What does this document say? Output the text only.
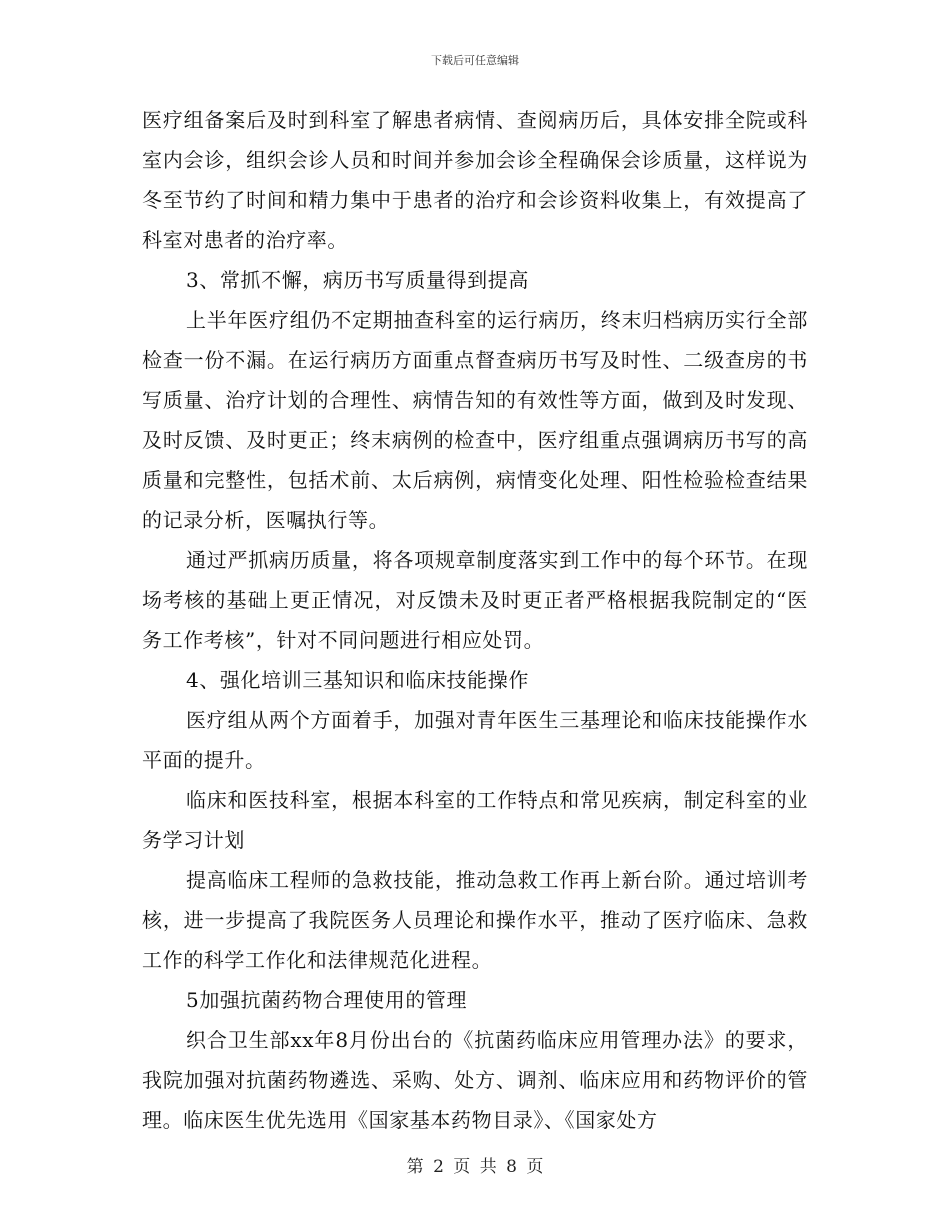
下载后可任意编辑

医疗组备案后及时到科室了解患者病情、查阅病历后，具体安排全院或科室内会诊，组织会诊人员和时间并参加会诊全程确保会诊质量，这样说为冬至节约了时间和精力集中于患者的治疗和会诊资料收集上，有效提高了科室对患者的治疗率。

3、常抓不懈，病历书写质量得到提高

上半年医疗组仍不定期抽查科室的运行病历，终末归档病历实行全部检查一份不漏。在运行病历方面重点督查病历书写及时性、二级查房的书写质量、治疗计划的合理性、病情告知的有效性等方面，做到及时发现、及时反馈、及时更正；终末病例的检查中，医疗组重点强调病历书写的高质量和完整性，包括术前、太后病例，病情变化处理、阳性检验检查结果的记录分析，医嘱执行等。

通过严抓病历质量，将各项规章制度落实到工作中的每个环节。在现场考核的基础上更正情况，对反馈未及时更正者严格根据我院制定的“医务工作考核”，针对不同问题进行相应处罚。

4、强化培训三基知识和临床技能操作

医疗组从两个方面着手，加强对青年医生三基理论和临床技能操作水平面的提升。

临床和医技科室，根据本科室的工作特点和常见疾病，制定科室的业务学习计划

提高临床工程师的急救技能，推动急救工作再上新台阶。通过培训考核，进一步提高了我院医务人员理论和操作水平，推动了医疗临床、急救工作的科学工作化和法律规范化进程。

5加强抗菌药物合理使用的管理

织合卫生部xx年8月份出台的《抗菌药临床应用管理办法》的要求，我院加强对抗菌药物遴选、采购、处方、调剂、临床应用和药物评价的管理。临床医生优先选用《国家基本药物目录》、《国家处方

第 2 页 共 8 页
